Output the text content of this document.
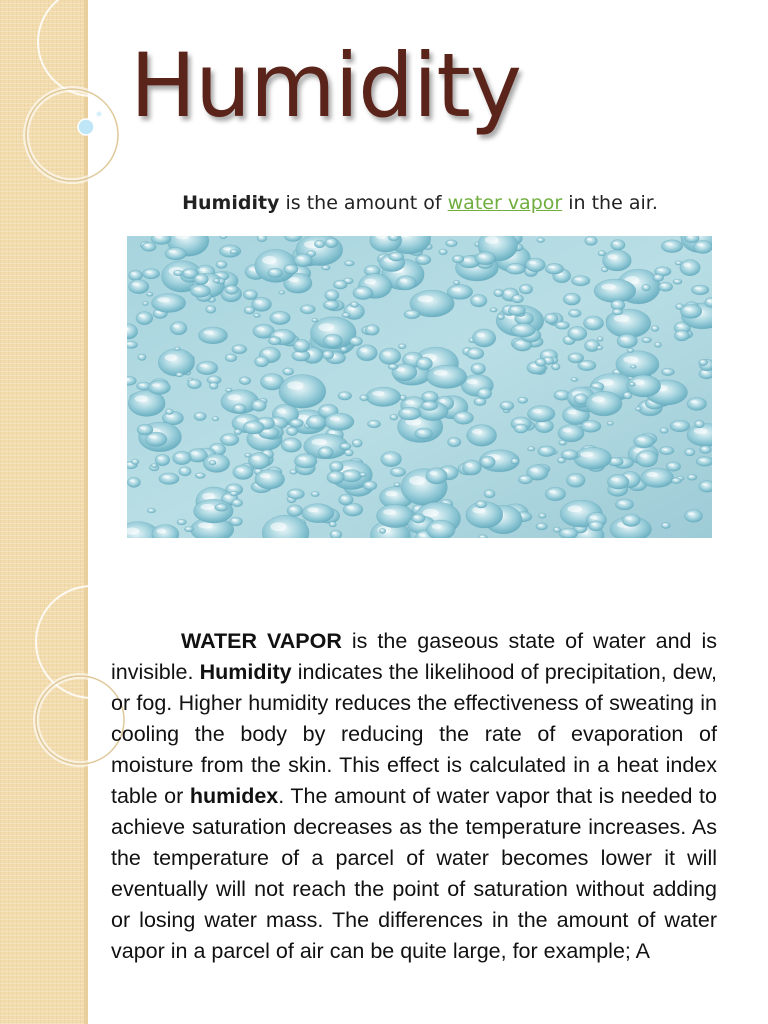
Humidity
Humidity is the amount of water vapor in the air.

WATER VAPOR is the gaseous state of water and is invisible. Humidity indicates the likelihood of precipitation, dew, or fog. Higher humidity reduces the effectiveness of sweating in cooling the body by reducing the rate of evaporation of moisture from the skin. This effect is calculated in a heat index table or humidex. The amount of water vapor that is needed to achieve saturation decreases as the temperature increases. As the temperature of a parcel of water becomes lower it will eventually will not reach the point of saturation without adding or losing water mass. The differences in the amount of water vapor in a parcel of air can be quite large, for example; A
